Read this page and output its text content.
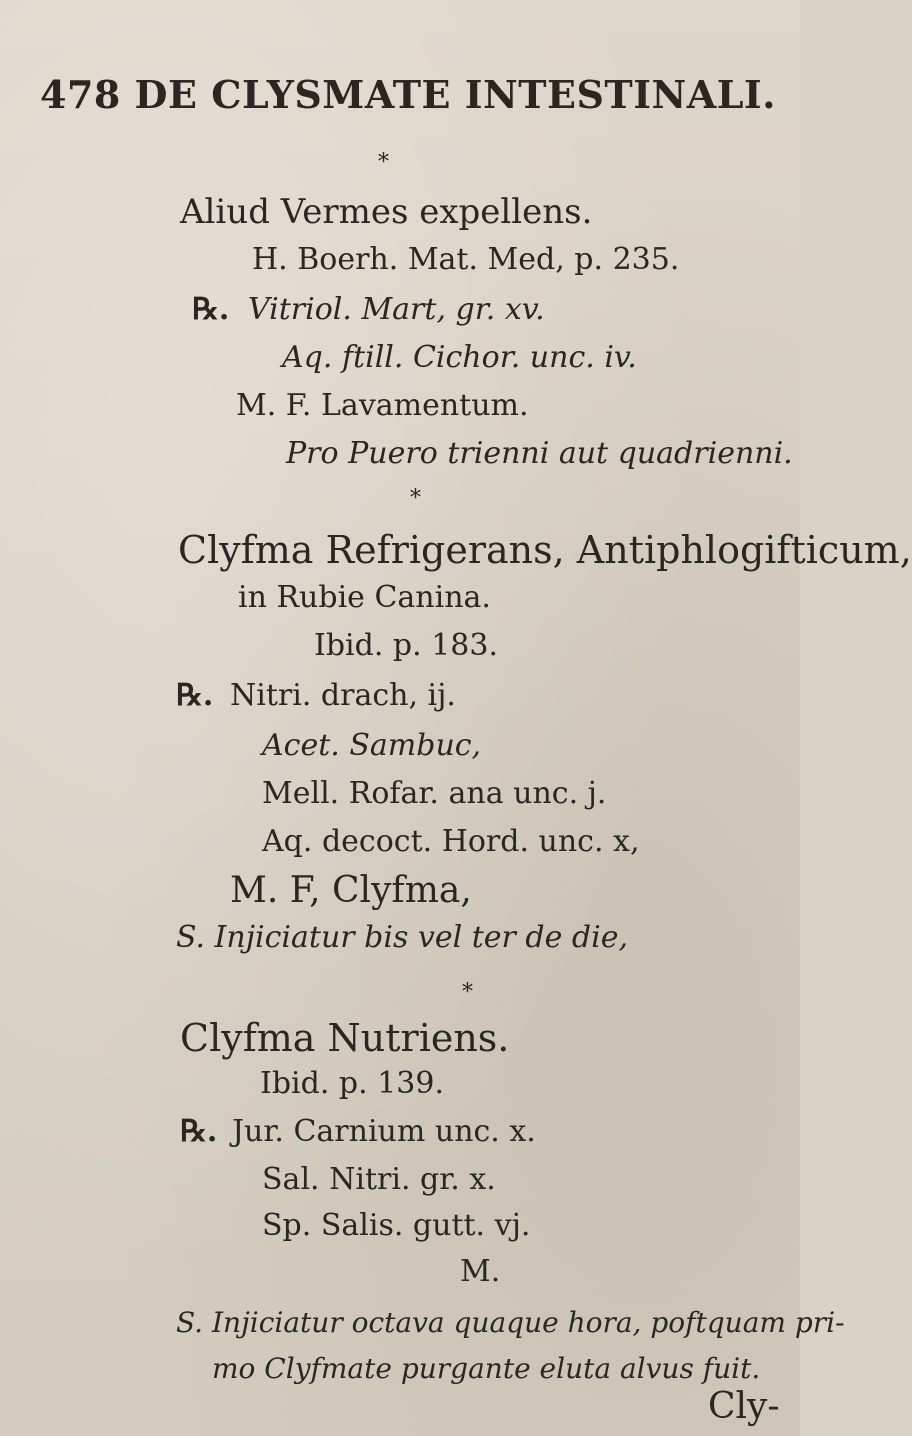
478 DE CLYSMATE INTESTINALI.
*
Aliud Vermes expellens.
H. Boerh. Mat. Med, p. 235.
℞. Vitriol. Mart, gr. xv.
Aq. ftill. Cichor. unc. iv.
M. F. Lavamentum.
Pro Puero trienni aut quadrienni.
*
Clyfma Refrigerans, Antiphlogifticum,
in Rubie Canina.
Ibid. p. 183.
℞. Nitri. drach, ij.
Acet. Sambuc,
Mell. Rofar. ana unc. j.
Aq. decoct. Hord. unc. x,
M. F, Clyfma,
S. Injiciatur bis vel ter de die,
*
Clyfma Nutriens.
Ibid. p. 139.
℞. Jur. Carnium unc. x.
Sal. Nitri. gr. x.
Sp. Salis. gutt. vj.
M.
S. Injiciatur octava quaque hora, poftquam pri-
mo Clyfmate purgante eluta alvus fuit.
Cly-
